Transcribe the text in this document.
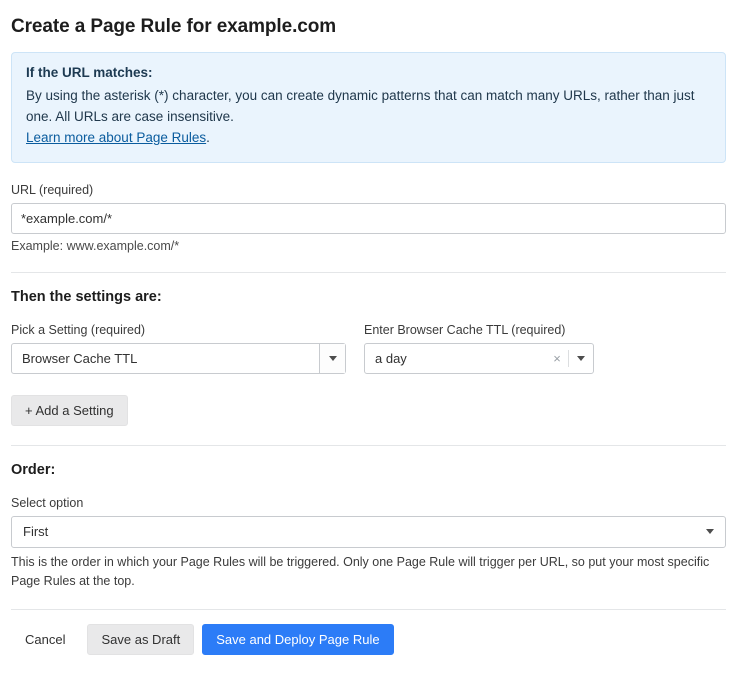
Create a Page Rule for example.com
If the URL matches:
By using the asterisk (*) character, you can create dynamic patterns that can match many URLs, rather than just one. All URLs are case insensitive.
Learn more about Page Rules.
URL (required)
*example.com/*
Example: www.example.com/*
Then the settings are:
Pick a Setting (required)
Browser Cache TTL
Enter Browser Cache TTL (required)
a day	×
+ Add a Setting
Order:
Select option
First
This is the order in which your Page Rules will be triggered. Only one Page Rule will trigger per URL, so put your most specific Page Rules at the top.
Cancel	Save as Draft	Save and Deploy Page Rule
